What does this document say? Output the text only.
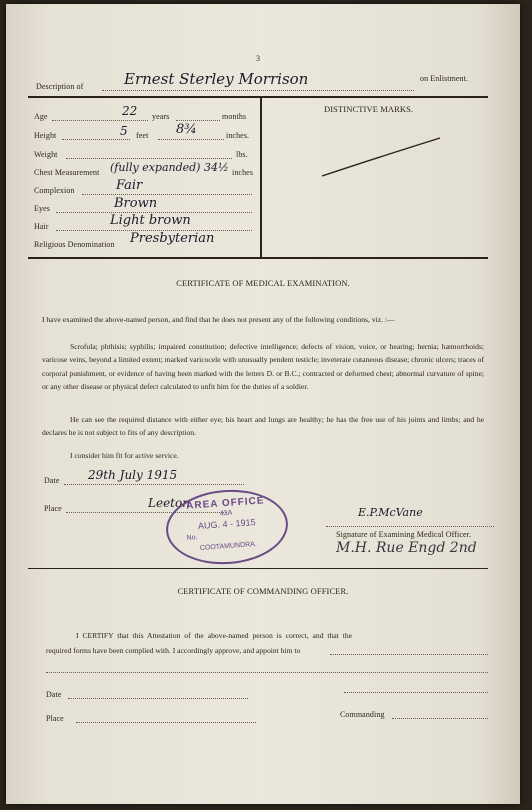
3
Description of	Ernest Sterley Morrison	on Enlistment.
Age	22 years	months
Height	5 feet 8¾	inches.
Weight	lbs.
Chest Measurement (fully expanded) 34½ inches
Complexion	Fair
Eyes	Brown
Hair	Light brown
Religious Denomination Presbyterian
DISTINCTIVE MARKS.
CERTIFICATE OF MEDICAL EXAMINATION.
I have examined the above-named person, and find that he does not present any of the following conditions, viz. :—
Scrofula; phthisis; syphilis; impaired constitution; defective intelligence; defects of vision, voice, or hearing; hernia; hæmorrhoids; varicose veins, beyond a limited extent; marked varicocele with unusually pendent testicle; inveterate cutaneous disease; chronic ulcers; traces of corporal punishment, or evidence of having been marked with the letters D. or B.C.; contracted or deformed chest; abnormal curvature of spine; or any other disease or physical defect calculated to unfit him for the duties of a soldier.
He can see the required distance with either eye; his heart and lungs are healthy; he has the free use of his joints and limbs; and he declares he is not subject to fits of any description.
I consider him fit for active service.
Date 29th July 1915
Place	Leeton
AREA OFFICE
43A
AUG. 4 - 1915
No.
COOTAMUNDRA.
E.P.McVane
Signature of Examining Medical Officer.
M.H. Rue Engd 2nd
CERTIFICATE OF COMMANDING OFFICER.
I CERTIFY that this Attestation of the above-named person is correct, and that the required forms have been complied with. I accordingly approve, and appoint him to
Date
Place	Commanding
